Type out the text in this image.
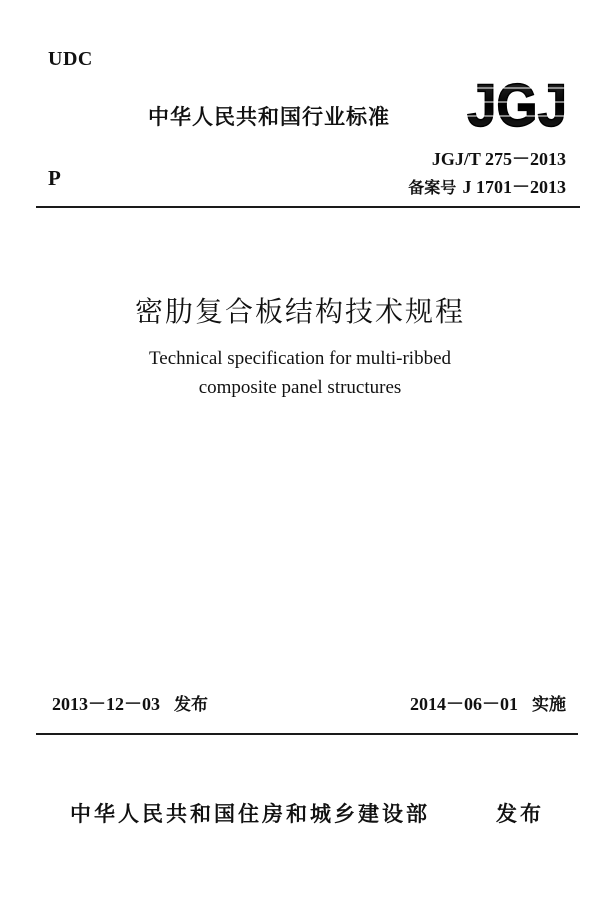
UDC
中华人民共和国行业标准 JGJ
JGJ/T 275－2013
备案号 J 1701－2013
P
密肋复合板结构技术规程
Technical specification for multi-ribbed
composite panel structures
2013－12－03 发布	2014－06－01 实施
中华人民共和国住房和城乡建设部	发布
